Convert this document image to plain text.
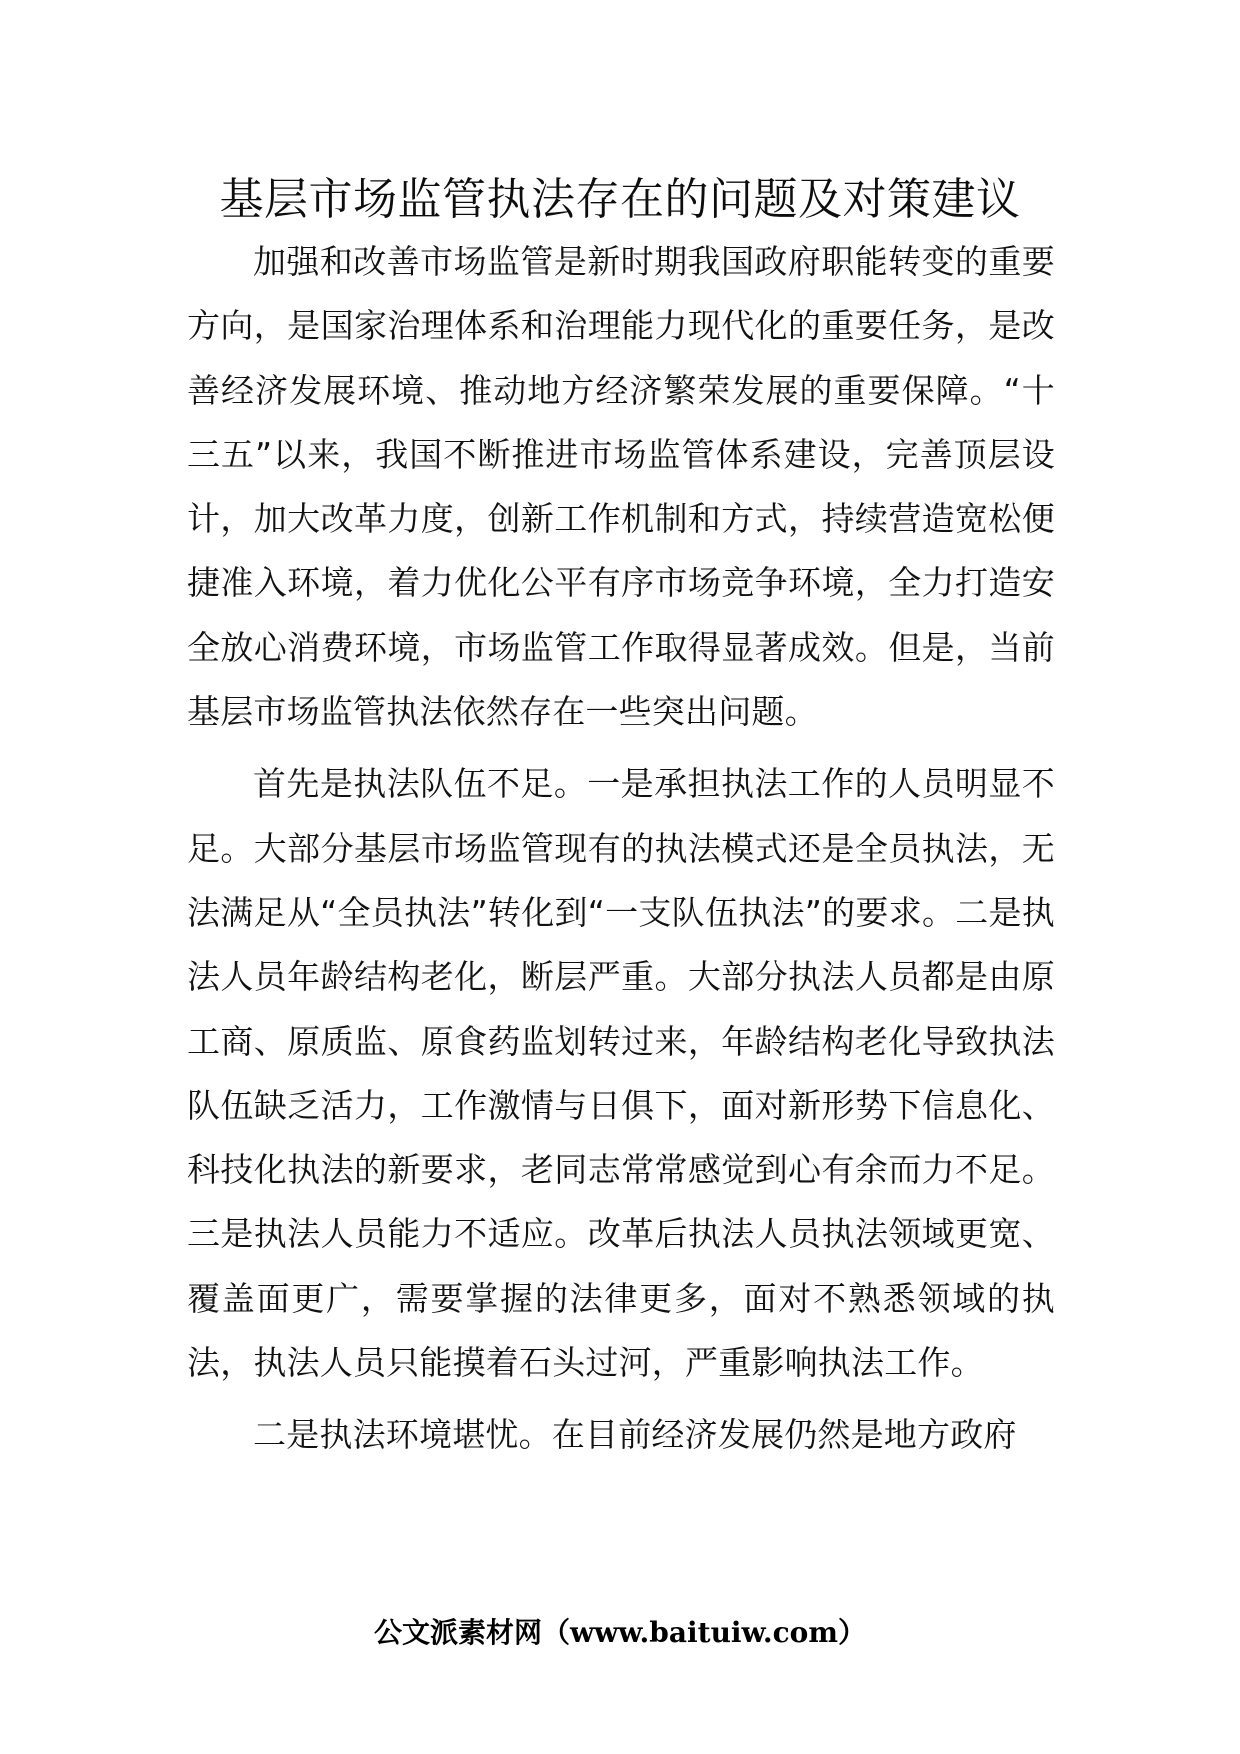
基层市场监管执法存在的问题及对策建议

加强和改善市场监管是新时期我国政府职能转变的重要方向，是国家治理体系和治理能力现代化的重要任务，是改善经济发展环境、推动地方经济繁荣发展的重要保障。“十三五”以来，我国不断推进市场监管体系建设，完善顶层设计，加大改革力度，创新工作机制和方式，持续营造宽松便捷准入环境，着力优化公平有序市场竞争环境，全力打造安全放心消费环境，市场监管工作取得显著成效。但是，当前基层市场监管执法依然存在一些突出问题。

首先是执法队伍不足。一是承担执法工作的人员明显不足。大部分基层市场监管现有的执法模式还是全员执法，无法满足从“全员执法”转化到“一支队伍执法”的要求。二是执法人员年龄结构老化，断层严重。大部分执法人员都是由原工商、原质监、原食药监划转过来，年龄结构老化导致执法队伍缺乏活力，工作激情与日俱下，面对新形势下信息化、科技化执法的新要求，老同志常常感觉到心有余而力不足。三是执法人员能力不适应。改革后执法人员执法领域更宽、覆盖面更广，需要掌握的法律更多，面对不熟悉领域的执法，执法人员只能摸着石头过河，严重影响执法工作。

二是执法环境堪忧。在目前经济发展仍然是地方政府

公文派素材网（www.baituiw.com）
